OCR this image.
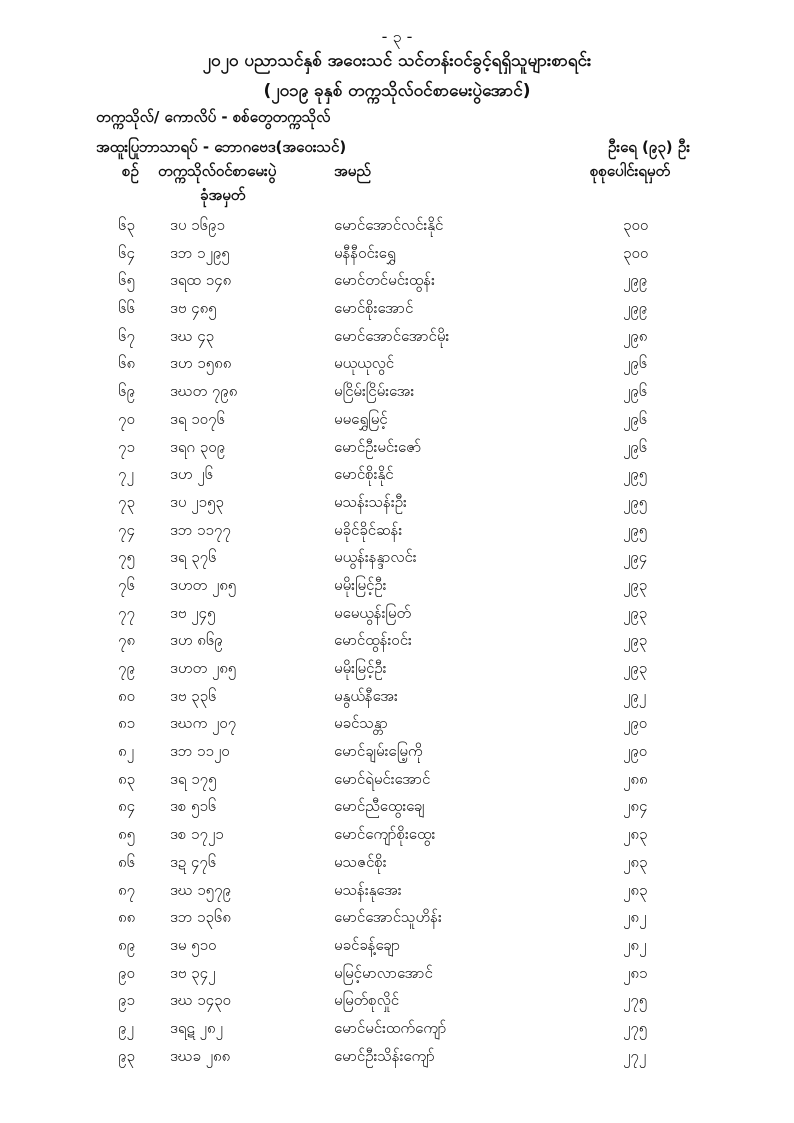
- ၃ -
၂၀၂၀ ပညာသင်နှစ် အဝေးသင် သင်တန်းဝင်ခွင့်ရရှိသူများစာရင်း
(၂၀၁၉ ခုနှစ် တက္ကသိုလ်ဝင်စာမေးပွဲအောင်)
တက္ကသိုလ်/ ကောလိပ် - စစ်တွေတက္ကသိုလ်
အထူးပြုဘာသာရပ် - ဘောဂဗေဒ(အဝေးသင်)	ဦးရေ (၉၃) ဦး
စဉ် တက္ကသိုလ်ဝင်စာမေးပွဲ
ခုံအမှတ်
အမည်	စုစုပေါင်းရမှတ်
၆၃ ဒပ ၁၆၉၁	မောင်အောင်လင်းနိုင်	၃၀၀
၆၄ ဒဘ ၁၂၉၅	မနီနီဝင်းရွှေ	၃၀၀
၆၅ ဒရထ ၁၄၈	မောင်တင်မင်းထွန်း	၂၉၉
၆၆ ဒဗ ၄၈၅	မောင်စိုးအောင်	၂၉၉
၆၇ ဒဃ ၄၃	မောင်အောင်အောင်မိုး	၂၉၈
၆၈ ဒဟ ၁၅၈၈	မယုယုလွင်	၂၉၆
၆၉ ဒဃတ ၇၉၈	မငြိမ်းငြိမ်းအေး	၂၉၆
၇၀ ဒရ ၁၀၇၆	မမရွှေမြင့်	၂၉၆
၇၁ ဒရဂ ၃၀၉	မောင်ဦးမင်းဇော်	၂၉၆
၇၂ ဒဟ ၂၆	မောင်စိုးနိုင်	၂၉၅
၇၃ ဒပ ၂၁၅၃	မသန်းသန်းဦး	၂၉၅
၇၄ ဒဘ ၁၁၇၇	မခိုင်ခိုင်ဆန်း	၂၉၅
၇၅ ဒရ ၃၇၆	မယွန်းနန္ဒာလင်း	၂၉၄
၇၆ ဒဟတ ၂၈၅	မမိုးမြင့်ဦး	၂၉၃
၇၇ ဒဗ ၂၄၅	မမေယွန်းမြတ်	၂၉၃
၇၈ ဒဟ ၈၆၉	မောင်ထွန်းဝင်း	၂၉၃
၇၉ ဒဟတ ၂၈၅	မမိုးမြင့်ဦး	၂၉၃
၈၀ ဒဗ ၃၃၆	မနွယ်နီအေး	၂၉၂
၈၁ ဒဃက ၂၀၇	မခင်သန္တာ	၂၉၀
၈၂ ဒဘ ၁၁၂၀	မောင်ချမ်းမြေ့ကို	၂၉၀
၈၃ ဒရ ၁၇၅	မောင်ရဲမင်းအောင်	၂၈၈
၈၄ ဒစ ၅၁၆	မောင်ညီထွေးချေ	၂၈၄
၈၅ ဒစ ၁၇၂၁	မောင်ကျော်စိုးထွေး	၂၈၃
၈၆ ဒဍ ၄၇၆	မသဇင်စိုး	၂၈၃
၈၇ ဒဃ ၁၅၇၉	မသန်းနုအေး	၂၈၃
၈၈ ဒဘ ၁၃၆၈	မောင်အောင်သူဟိန်း	၂၈၂
၈၉ ဒမ ၅၁၀	မခင်ခန့်ချော	၂၈၂
၉၀ ဒဗ ၃၄၂	မမြင့်မာလာအောင်	၂၈၁
၉၁ ဒဃ ၁၄၃၀	မမြတ်စုလှိုင်	၂၇၅
၉၂ ဒရဋ ၂၈၂	မောင်မင်းထက်ကျော်	၂၇၅
၉၃ ဒဃခ ၂၈၈	မောင်ဦးသိန်းကျော်	၂၇၂
